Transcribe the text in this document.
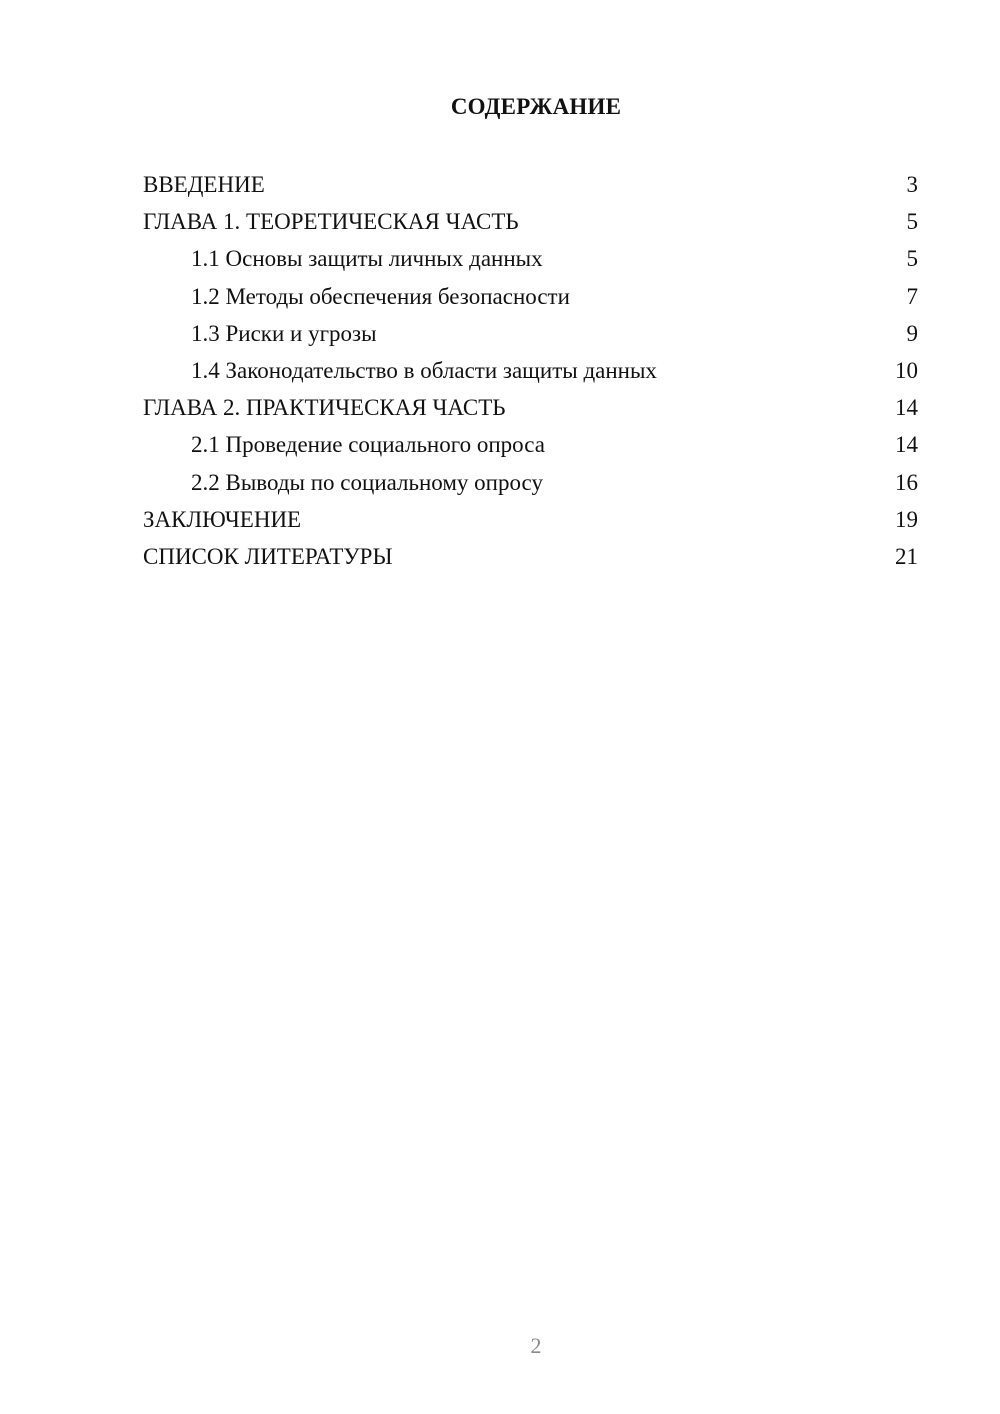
СОДЕРЖАНИЕ
ВВЕДЕНИЕ	3
ГЛАВА 1. ТЕОРЕТИЧЕСКАЯ ЧАСТЬ	5
1.1 Основы защиты личных данных	5
1.2 Методы обеспечения безопасности	7
1.3 Риски и угрозы	9
1.4 Законодательство в области защиты данных	10
ГЛАВА 2. ПРАКТИЧЕСКАЯ ЧАСТЬ	14
2.1 Проведение социального опроса	14
2.2 Выводы по социальному опросу	16
ЗАКЛЮЧЕНИЕ	19
СПИСОК ЛИТЕРАТУРЫ	21
2
